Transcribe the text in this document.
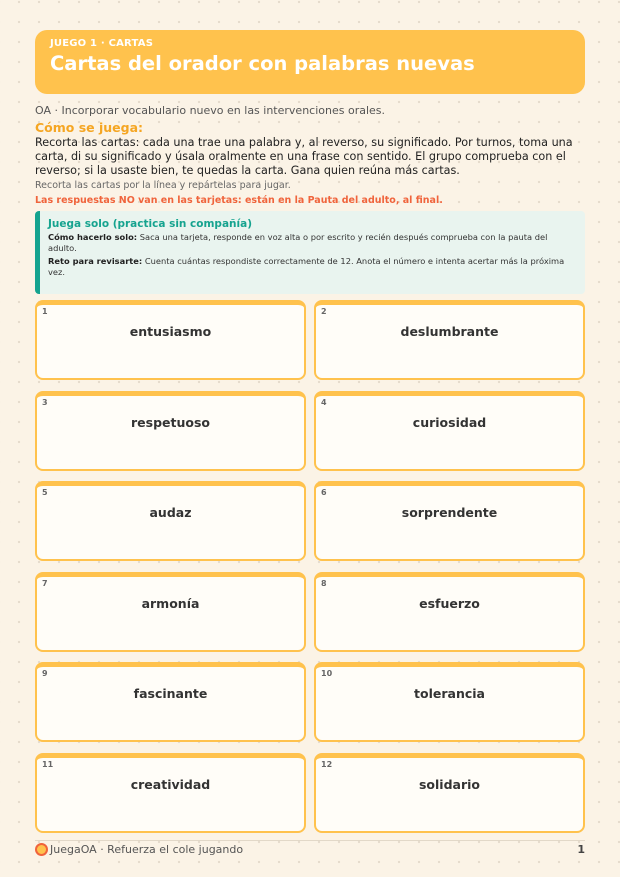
JUEGO 1 · CARTAS
Cartas del orador con palabras nuevas
OA · Incorporar vocabulario nuevo en las intervenciones orales.
Cómo se juega:
Recorta las cartas: cada una trae una palabra y, al reverso, su significado. Por turnos, toma una carta, di su significado y úsala oralmente en una frase con sentido. El grupo comprueba con el reverso; si la usaste bien, te quedas la carta. Gana quien reúna más cartas.
Recorta las cartas por la línea y repártelas para jugar.
Las respuestas NO van en las tarjetas: están en la Pauta del adulto, al final.
Juega solo (practica sin compañía)
Cómo hacerlo solo: Saca una tarjeta, responde en voz alta o por escrito y recién después comprueba con la pauta del adulto.
Reto para revisarte: Cuenta cuántas respondiste correctamente de 12. Anota el número e intenta acertar más la próxima vez.
1
entusiasmo
2
deslumbrante
3
respetuoso
4
curiosidad
5
audaz
6
sorprendente
7
armonía
8
esfuerzo
9
fascinante
10
tolerancia
11
creatividad
12
solidario
JuegaOA · Refuerza el cole jugando	1
